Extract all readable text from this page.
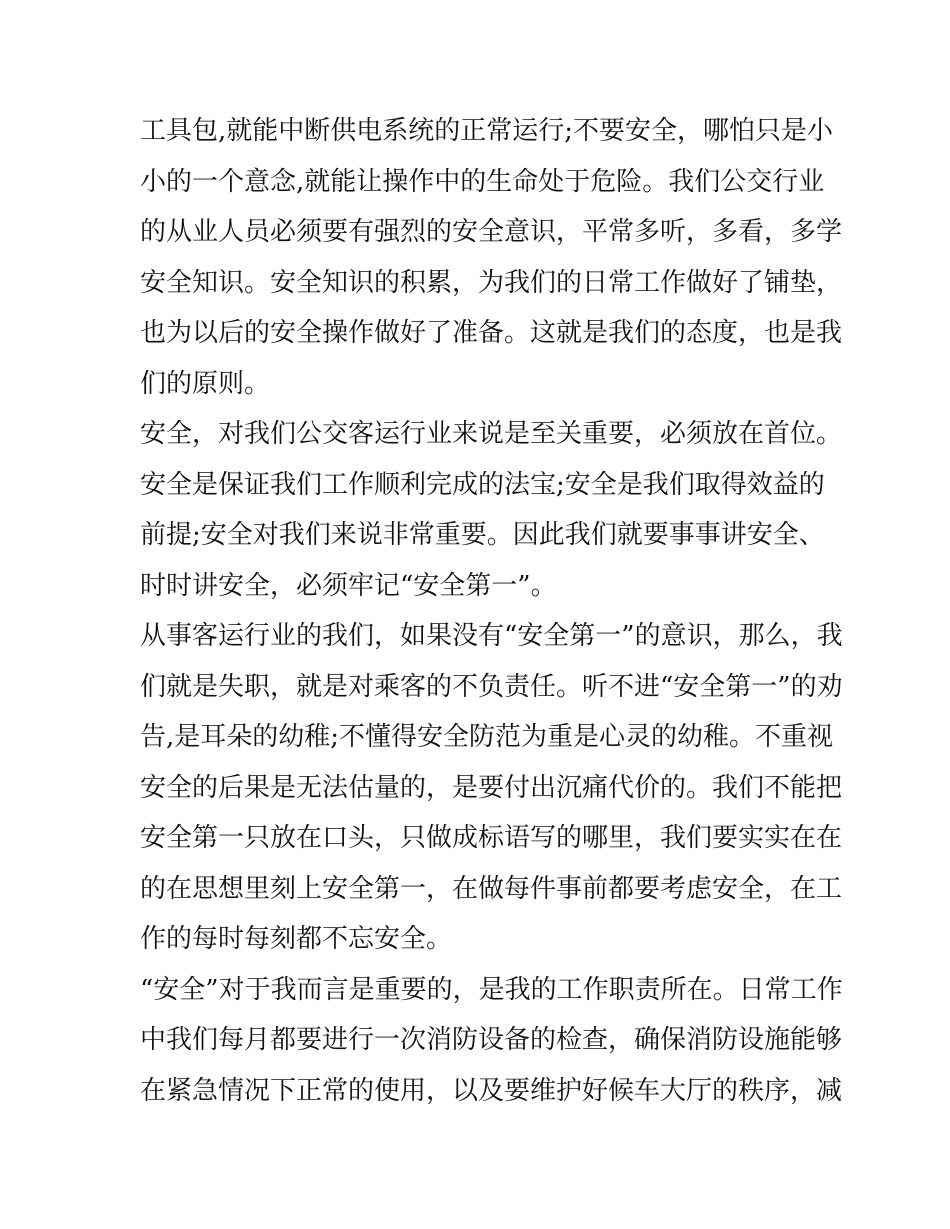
工具包,就能中断供电系统的正常运行;不要安全，哪怕只是小
小的一个意念,就能让操作中的生命处于危险。我们公交行业
的从业人员必须要有强烈的安全意识，平常多听，多看，多学
安全知识。安全知识的积累，为我们的日常工作做好了铺垫，
也为以后的安全操作做好了准备。这就是我们的态度，也是我
们的原则。
安全，对我们公交客运行业来说是至关重要，必须放在首位。
安全是保证我们工作顺利完成的法宝;安全是我们取得效益的
前提;安全对我们来说非常重要。因此我们就要事事讲安全、
时时讲安全，必须牢记“安全第一”。
从事客运行业的我们，如果没有“安全第一”的意识，那么，我
们就是失职，就是对乘客的不负责任。听不进“安全第一”的劝
告,是耳朵的幼稚;不懂得安全防范为重是心灵的幼稚。不重视
安全的后果是无法估量的，是要付出沉痛代价的。我们不能把
安全第一只放在口头，只做成标语写的哪里，我们要实实在在
的在思想里刻上安全第一，在做每件事前都要考虑安全，在工
作的每时每刻都不忘安全。
“安全”对于我而言是重要的，是我的工作职责所在。日常工作
中我们每月都要进行一次消防设备的检查，确保消防设施能够
在紧急情况下正常的使用，以及要维护好候车大厅的秩序，减
